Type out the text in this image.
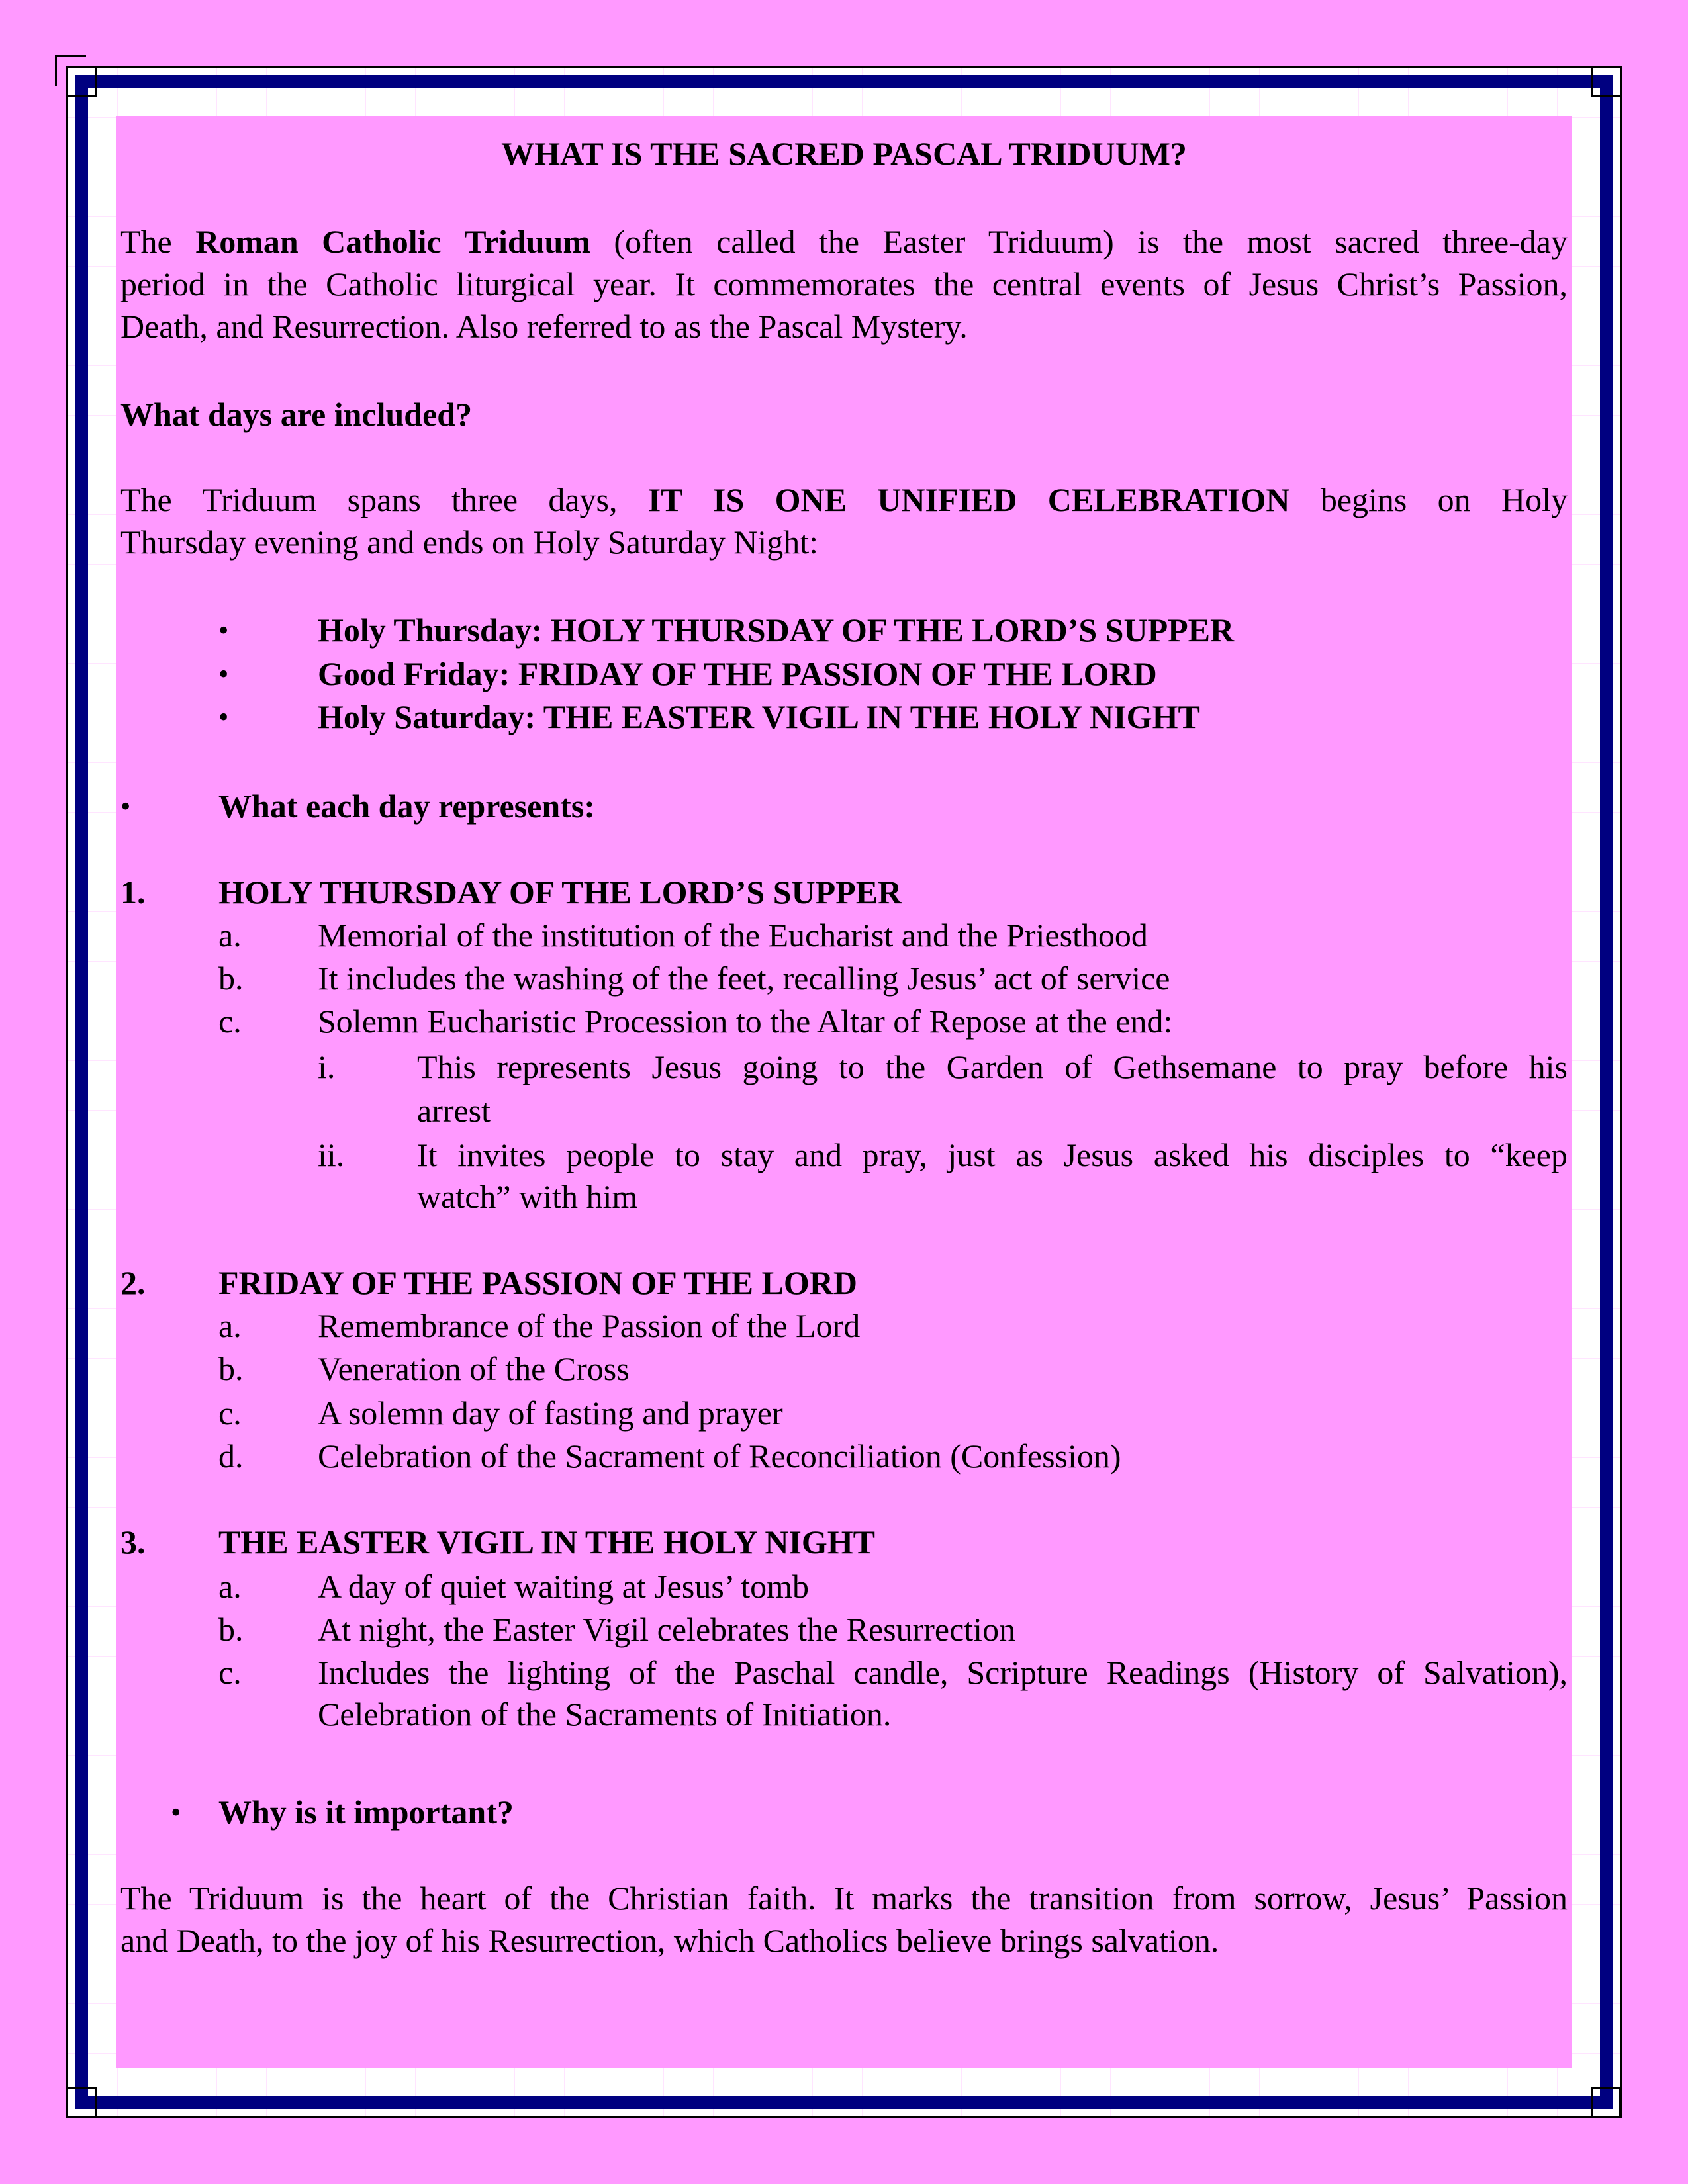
WHAT IS THE SACRED PASCAL TRIDUUM?
The Roman Catholic Triduum (often called the Easter Triduum) is the most sacred three-day
period in the Catholic liturgical year. It commemorates the central events of Jesus Christ’s Passion,
Death, and Resurrection. Also referred to as the Pascal Mystery.
What days are included?
The Triduum spans three days, IT IS ONE UNIFIED CELEBRATION begins on Holy
Thursday evening and ends on Holy Saturday Night:
•	Holy Thursday: HOLY THURSDAY OF THE LORD’S SUPPER
•	Good Friday: FRIDAY OF THE PASSION OF THE LORD
•	Holy Saturday: THE EASTER VIGIL IN THE HOLY NIGHT
•	What each day represents:
1. HOLY THURSDAY OF THE LORD’S SUPPER
a. Memorial of the institution of the Eucharist and the Priesthood
b. It includes the washing of the feet, recalling Jesus’ act of service
c. Solemn Eucharistic Procession to the Altar of Repose at the end:
i. This represents Jesus going to the Garden of Gethsemane to pray before his
arrest
ii. It invites people to stay and pray, just as Jesus asked his disciples to “keep
watch” with him
2. FRIDAY OF THE PASSION OF THE LORD
a. Remembrance of the Passion of the Lord
b. Veneration of the Cross
c. A solemn day of fasting and prayer
d. Celebration of the Sacrament of Reconciliation (Confession)
3. THE EASTER VIGIL IN THE HOLY NIGHT
a. A day of quiet waiting at Jesus’ tomb
b. At night, the Easter Vigil celebrates the Resurrection
c. Includes the lighting of the Paschal candle, Scripture Readings (History of Salvation),
Celebration of the Sacraments of Initiation.
• Why is it important?
The Triduum is the heart of the Christian faith. It marks the transition from sorrow, Jesus’ Passion
and Death, to the joy of his Resurrection, which Catholics believe brings salvation.
